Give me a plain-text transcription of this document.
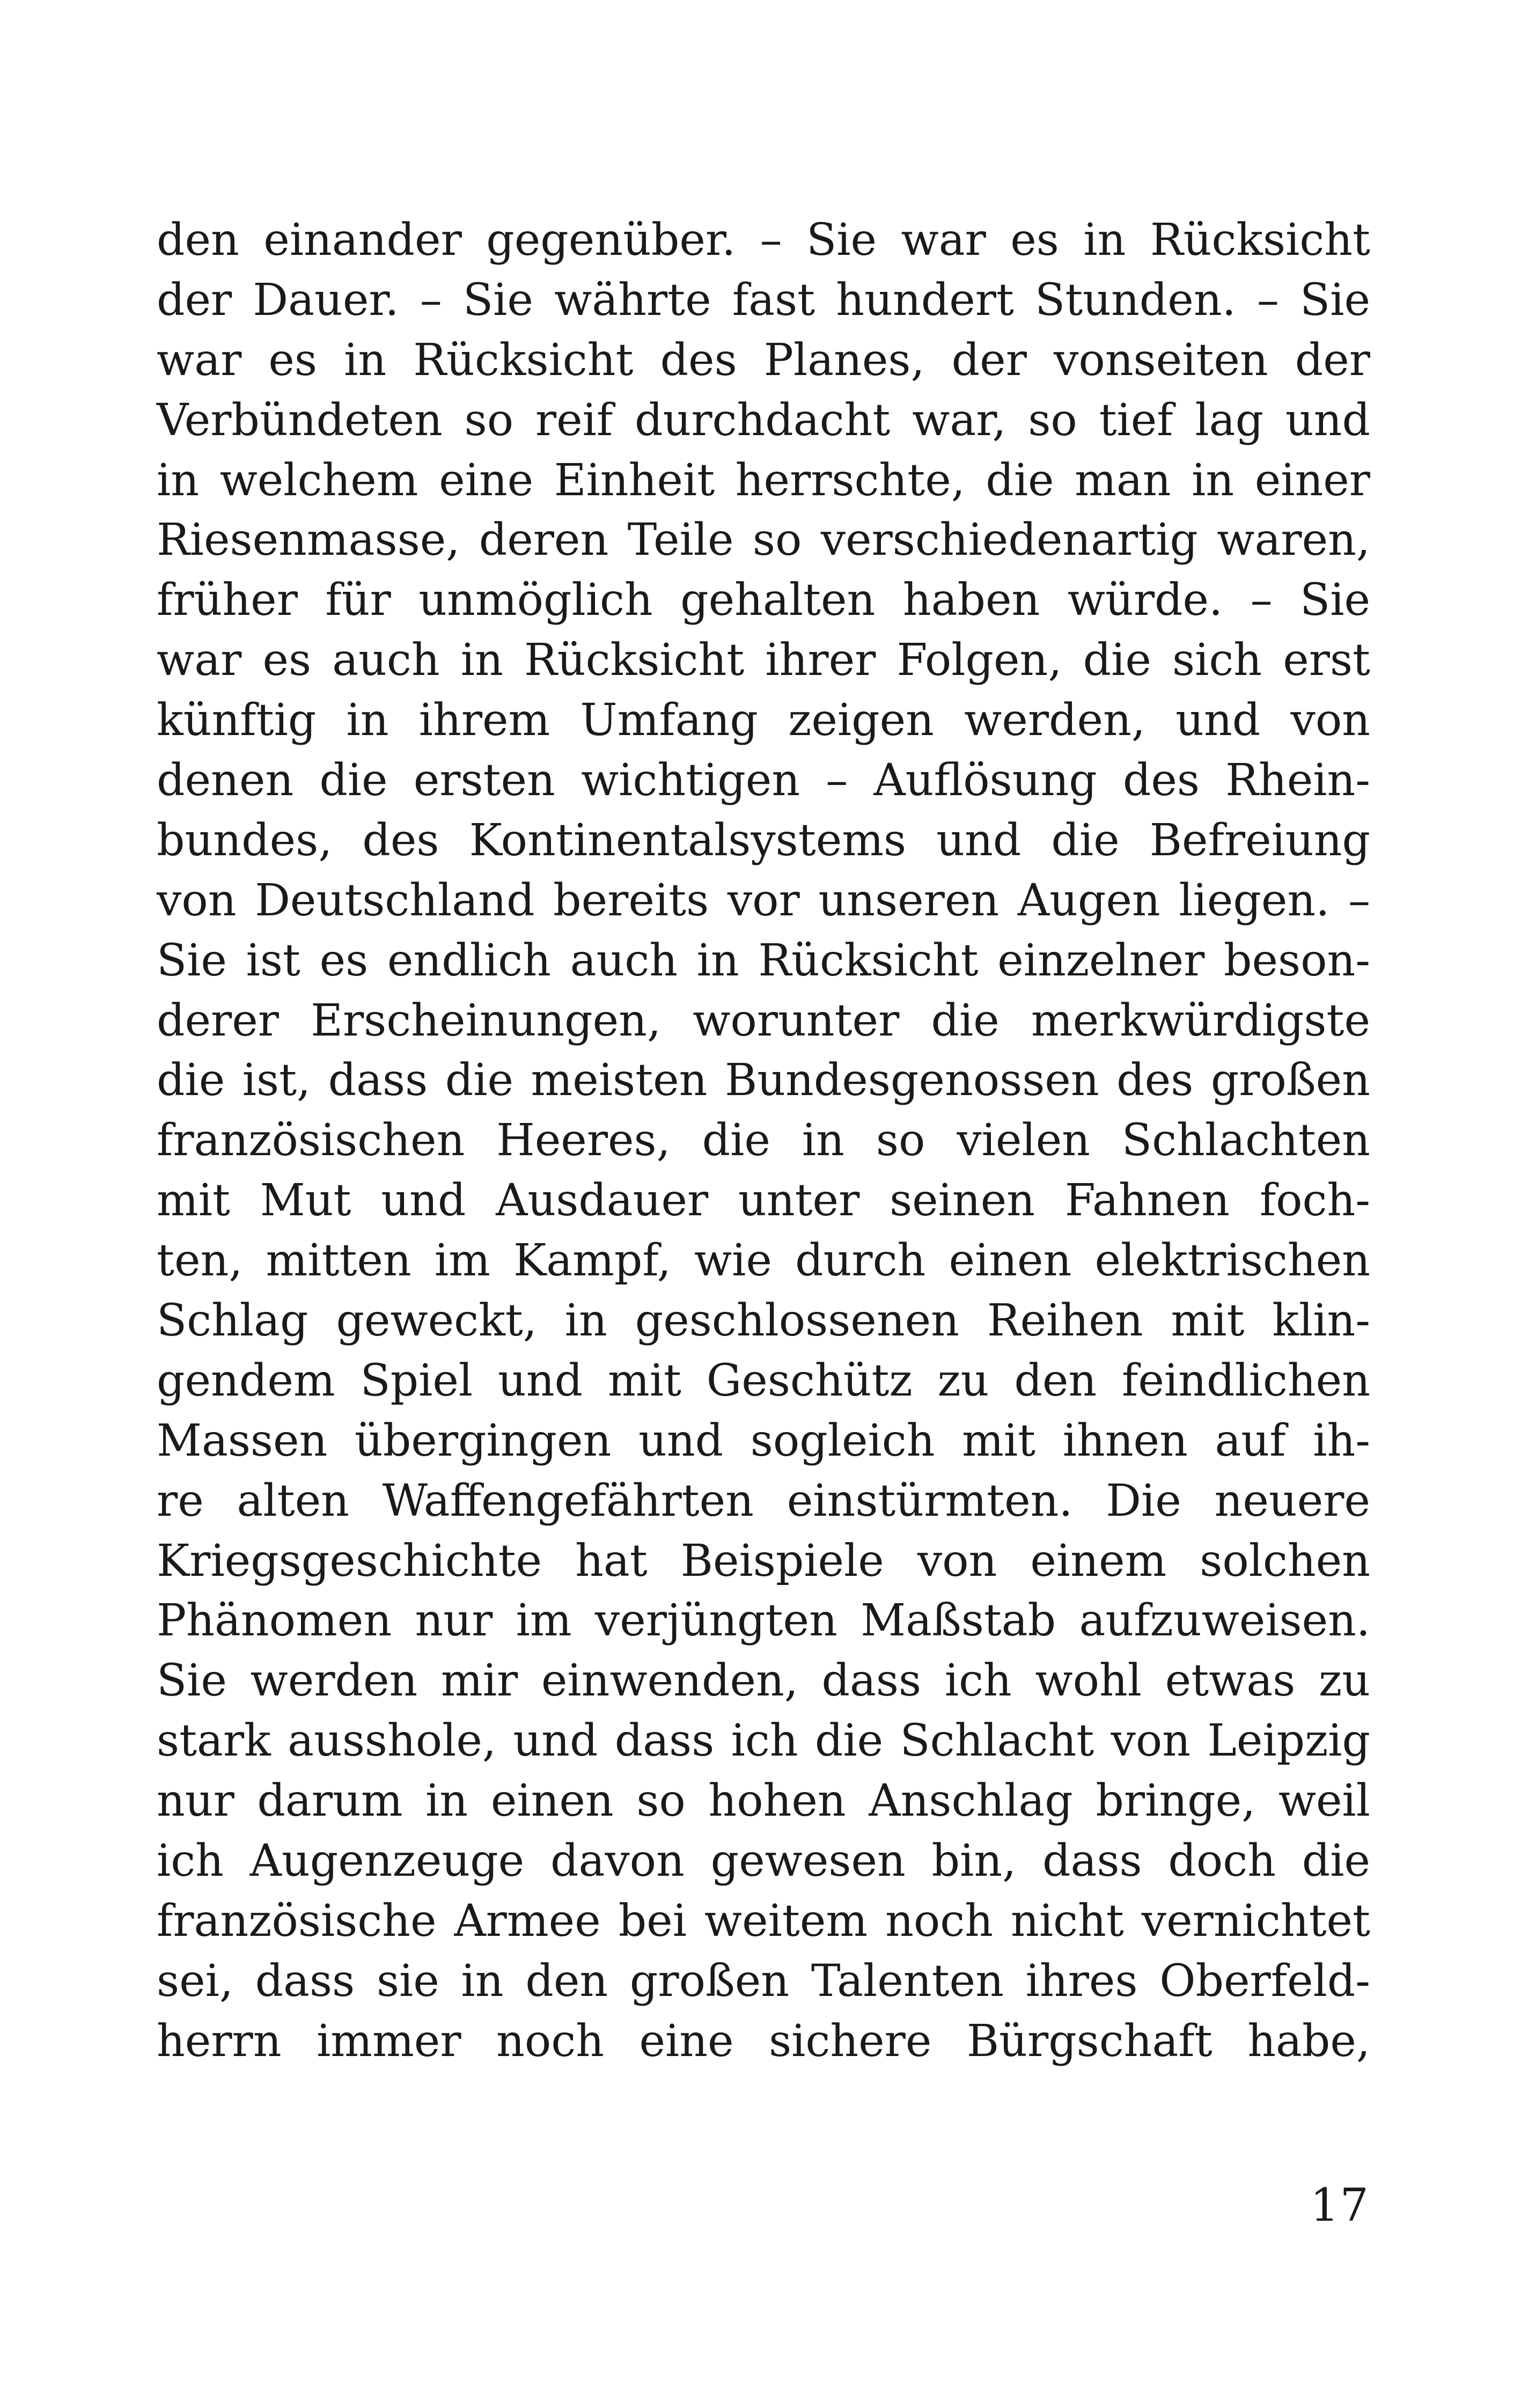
den einander gegenüber. – Sie war es in Rücksicht
der Dauer. – Sie währte fast hundert Stunden. – Sie
war es in Rücksicht des Planes, der vonseiten der
Verbündeten so reif durchdacht war, so tief lag und
in welchem eine Einheit herrschte, die man in einer
Riesenmasse, deren Teile so verschiedenartig waren,
früher für unmöglich gehalten haben würde. – Sie
war es auch in Rücksicht ihrer Folgen, die sich erst
künftig in ihrem Umfang zeigen werden, und von
denen die ersten wichtigen – Auflösung des Rhein-
bundes, des Kontinentalsystems und die Befreiung
von Deutschland bereits vor unseren Augen liegen. –
Sie ist es endlich auch in Rücksicht einzelner beson-
derer Erscheinungen, worunter die merkwürdigste
die ist, dass die meisten Bundesgenossen des großen
französischen Heeres, die in so vielen Schlachten
mit Mut und Ausdauer unter seinen Fahnen foch-
ten, mitten im Kampf, wie durch einen elektrischen
Schlag geweckt, in geschlossenen Reihen mit klin-
gendem Spiel und mit Geschütz zu den feindlichen
Massen übergingen und sogleich mit ihnen auf ih-
re alten Waffengefährten einstürmten. Die neuere
Kriegsgeschichte hat Beispiele von einem solchen
Phänomen nur im verjüngten Maßstab aufzuweisen.
Sie werden mir einwenden, dass ich wohl etwas zu
stark ausshole, und dass ich die Schlacht von Leipzig
nur darum in einen so hohen Anschlag bringe, weil
ich Augenzeuge davon gewesen bin, dass doch die
französische Armee bei weitem noch nicht vernichtet
sei, dass sie in den großen Talenten ihres Oberfeld-
herrn immer noch eine sichere Bürgschaft habe,
17
